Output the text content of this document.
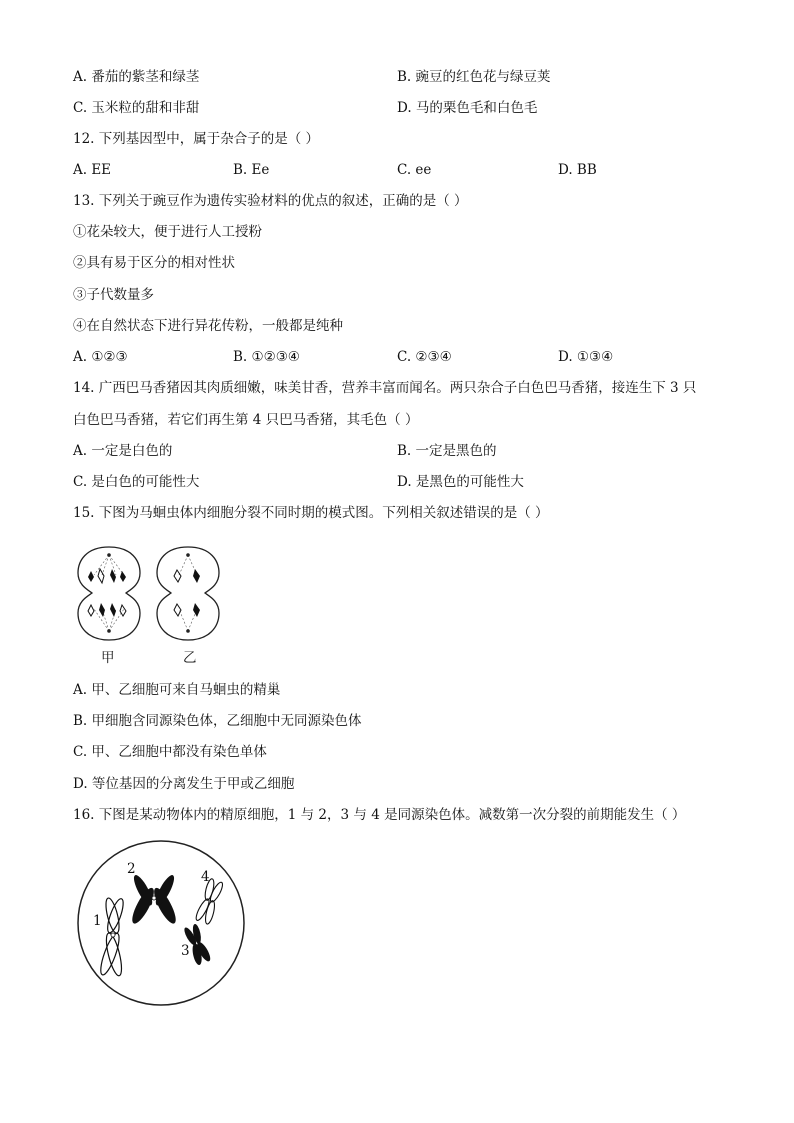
A. 番茄的紫茎和绿茎	B. 豌豆的红色花与绿豆荚
C. 玉米粒的甜和非甜	D. 马的栗色毛和白色毛
12. 下列基因型中，属于杂合子的是（ ）
A. EE	B. Ee	C. ee	D. BB
13. 下列关于豌豆作为遗传实验材料的优点的叙述，正确的是（ ）
①花朵较大，便于进行人工授粉
②具有易于区分的相对性状
③子代数量多
④在自然状态下进行异花传粉，一般都是纯种
A. ①②③	B. ①②③④	C. ②③④	D. ①③④
14. 广西巴马香猪因其肉质细嫩，味美甘香，营养丰富而闻名。两只杂合子白色巴马香猪，接连生下 3 只
白色巴马香猪，若它们再生第 4 只巴马香猪，其毛色（ ）
A. 一定是白色的	B. 一定是黑色的
C. 是白色的可能性大	D. 是黑色的可能性大
15. 下图为马蛔虫体内细胞分裂不同时期的模式图。下列相关叙述错误的是（ ）
甲	乙
A. 甲、乙细胞可来自马蛔虫的精巢
B. 甲细胞含同源染色体，乙细胞中无同源染色体
C. 甲、乙细胞中都没有染色单体
D. 等位基因的分离发生于甲或乙细胞
16. 下图是某动物体内的精原细胞，1 与 2，3 与 4 是同源染色体。减数第一次分裂的前期能发生（ ）
1
2
3
4
